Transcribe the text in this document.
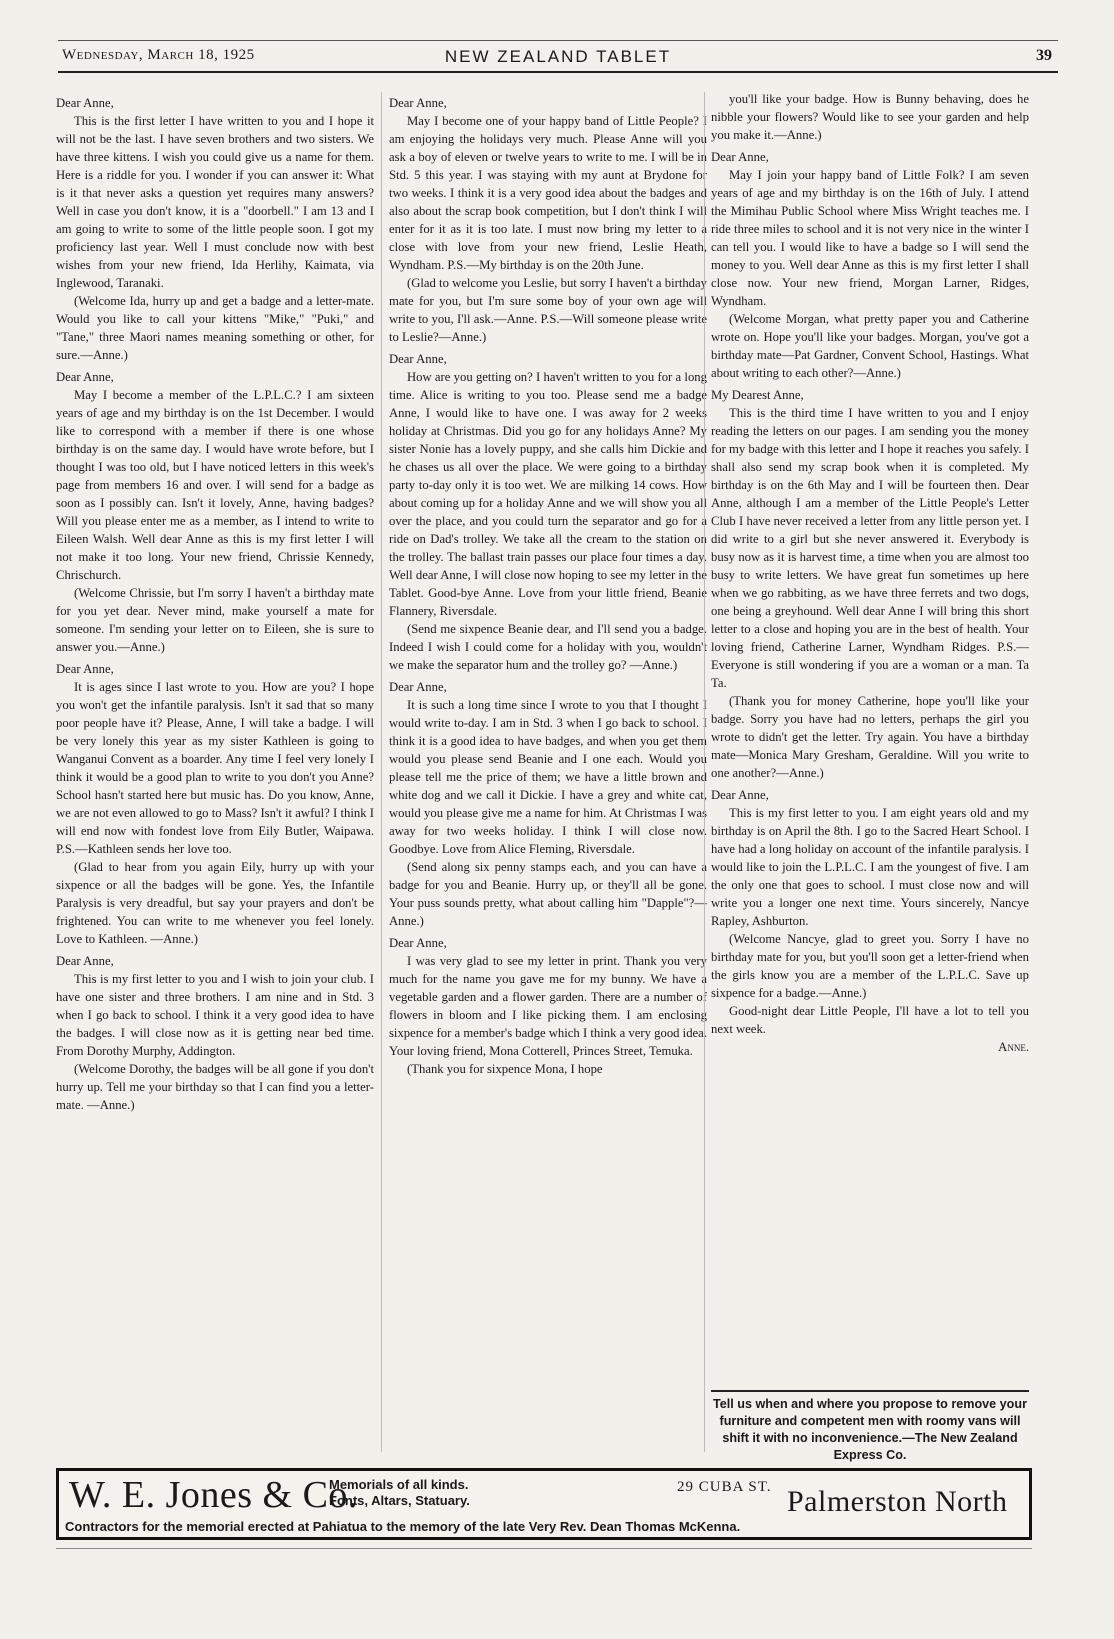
Wednesday, March 18, 1925	NEW ZEALAND TABLET	39

Dear Anne,

This is the first letter I have written to you and I hope it will not be the last. I have seven brothers and two sisters. We have three kittens. I wish you could give us a name for them. Here is a riddle for you. I wonder if you can answer it: What is it that never asks a question yet requires many answers? Well in case you don't know, it is a "doorbell." I am 13 and I am going to write to some of the little people soon. I got my proficiency last year. Well I must conclude now with best wishes from your new friend, Ida Herlihy, Kaimata, via Inglewood, Taranaki.

(Welcome Ida, hurry up and get a badge and a letter-mate. Would you like to call your kittens "Mike," "Puki," and "Tane," three Maori names meaning something or other, for sure.—Anne.)

Dear Anne,

May I become a member of the L.P.L.C.? I am sixteen years of age and my birthday is on the 1st December. I would like to correspond with a member if there is one whose birthday is on the same day. I would have wrote before, but I thought I was too old, but I have noticed letters in this week's page from members 16 and over. I will send for a badge as soon as I possibly can. Isn't it lovely, Anne, having badges? Will you please enter me as a member, as I intend to write to Eileen Walsh. Well dear Anne as this is my first letter I will not make it too long. Your new friend, Chrissie Kennedy, Chrischurch.

(Welcome Chrissie, but I'm sorry I haven't a birthday mate for you yet dear. Never mind, make yourself a mate for someone. I'm sending your letter on to Eileen, she is sure to answer you.—Anne.)

Dear Anne,

It is ages since I last wrote to you. How are you? I hope you won't get the infantile paralysis. Isn't it sad that so many poor people have it? Please, Anne, I will take a badge. I will be very lonely this year as my sister Kathleen is going to Wanganui Convent as a boarder. Any time I feel very lonely I think it would be a good plan to write to you don't you Anne? School hasn't started here but music has. Do you know, Anne, we are not even allowed to go to Mass? Isn't it awful? I think I will end now with fondest love from Eily Butler, Waipawa. P.S.—Kathleen sends her love too.

(Glad to hear from you again Eily, hurry up with your sixpence or all the badges will be gone. Yes, the Infantile Paralysis is very dreadful, but say your prayers and don't be frightened. You can write to me whenever you feel lonely. Love to Kathleen. —Anne.)

Dear Anne,

This is my first letter to you and I wish to join your club. I have one sister and three brothers. I am nine and in Std. 3 when I go back to school. I think it a very good idea to have the badges. I will close now as it is getting near bed time. From Dorothy Murphy, Addington.

(Welcome Dorothy, the badges will be all gone if you don't hurry up. Tell me your birthday so that I can find you a letter-mate. —Anne.)

Dear Anne,

May I become one of your happy band of Little People? I am enjoying the holidays very much. Please Anne will you ask a boy of eleven or twelve years to write to me. I will be in Std. 5 this year. I was staying with my aunt at Brydone for two weeks. I think it is a very good idea about the badges and also about the scrap book competition, but I don't think I will enter for it as it is too late. I must now bring my letter to a close with love from your new friend, Leslie Heath, Wyndham. P.S.—My birthday is on the 20th June.

(Glad to welcome you Leslie, but sorry I haven't a birthday mate for you, but I'm sure some boy of your own age will write to you, I'll ask.—Anne. P.S.—Will someone please write to Leslie?—Anne.)

Dear Anne,

How are you getting on? I haven't written to you for a long time. Alice is writing to you too. Please send me a badge Anne, I would like to have one. I was away for 2 weeks holiday at Christmas. Did you go for any holidays Anne? My sister Nonie has a lovely puppy, and she calls him Dickie and he chases us all over the place. We were going to a birthday party to-day only it is too wet. We are milking 14 cows. How about coming up for a holiday Anne and we will show you all over the place, and you could turn the separator and go for a ride on Dad's trolley. We take all the cream to the station on the trolley. The ballast train passes our place four times a day. Well dear Anne, I will close now hoping to see my letter in the Tablet. Good-bye Anne. Love from your little friend, Beanie Flannery, Riversdale.

(Send me sixpence Beanie dear, and I'll send you a badge. Indeed I wish I could come for a holiday with you, wouldn't we make the separator hum and the trolley go? —Anne.)

Dear Anne,

It is such a long time since I wrote to you that I thought I would write to-day. I am in Std. 3 when I go back to school. I think it is a good idea to have badges, and when you get them would you please send Beanie and I one each. Would you please tell me the price of them; we have a little brown and white dog and we call it Dickie. I have a grey and white cat, would you please give me a name for him. At Christmas I was away for two weeks holiday. I think I will close now. Goodbye. Love from Alice Fleming, Riversdale.

(Send along six penny stamps each, and you can have a badge for you and Beanie. Hurry up, or they'll all be gone. Your puss sounds pretty, what about calling him "Dapple"?—Anne.)

Dear Anne,

I was very glad to see my letter in print. Thank you very much for the name you gave me for my bunny. We have a vegetable garden and a flower garden. There are a number of flowers in bloom and I like picking them. I am enclosing sixpence for a member's badge which I think a very good idea. Your loving friend, Mona Cotterell, Princes Street, Temuka.

(Thank you for sixpence Mona, I hope

you'll like your badge. How is Bunny behaving, does he nibble your flowers? Would like to see your garden and help you make it.—Anne.)

Dear Anne,

May I join your happy band of Little Folk? I am seven years of age and my birthday is on the 16th of July. I attend the Mimihau Public School where Miss Wright teaches me. I ride three miles to school and it is not very nice in the winter I can tell you. I would like to have a badge so I will send the money to you. Well dear Anne as this is my first letter I shall close now. Your new friend, Morgan Larner, Ridges, Wyndham.

(Welcome Morgan, what pretty paper you and Catherine wrote on. Hope you'll like your badges. Morgan, you've got a birthday mate—Pat Gardner, Convent School, Hastings. What about writing to each other?—Anne.)

My Dearest Anne,

This is the third time I have written to you and I enjoy reading the letters on our pages. I am sending you the money for my badge with this letter and I hope it reaches you safely. I shall also send my scrap book when it is completed. My birthday is on the 6th May and I will be fourteen then. Dear Anne, although I am a member of the Little People's Letter Club I have never received a letter from any little person yet. I did write to a girl but she never answered it. Everybody is busy now as it is harvest time, a time when you are almost too busy to write letters. We have great fun sometimes up here when we go rabbiting, as we have three ferrets and two dogs, one being a greyhound. Well dear Anne I will bring this short letter to a close and hoping you are in the best of health. Your loving friend, Catherine Larner, Wyndham Ridges. P.S.—Everyone is still wondering if you are a woman or a man. Ta Ta.

(Thank you for money Catherine, hope you'll like your badge. Sorry you have had no letters, perhaps the girl you wrote to didn't get the letter. Try again. You have a birthday mate—Monica Mary Gresham, Geraldine. Will you write to one another?—Anne.)

Dear Anne,

This is my first letter to you. I am eight years old and my birthday is on April the 8th. I go to the Sacred Heart School. I have had a long holiday on account of the infantile paralysis. I would like to join the L.P.L.C. I am the youngest of five. I am the only one that goes to school. I must close now and will write you a longer one next time. Yours sincerely, Nancye Rapley, Ashburton.

(Welcome Nancye, glad to greet you. Sorry I have no birthday mate for you, but you'll soon get a letter-friend when the girls know you are a member of the L.P.L.C. Save up sixpence for a badge.—Anne.)

Good-night dear Little People, I'll have a lot to tell you next week.

Anne.

Tell us when and where you propose to remove your furniture and competent men with roomy vans will shift it with no inconvenience.—The New Zealand Express Co.
W. E. Jones & Co.
Memorials of all kinds.
Fonts, Altars, Statuary.
29 CUBA ST. Palmerston North
Contractors for the memorial erected at Pahiatua to the memory of the late Very Rev. Dean Thomas McKenna.
